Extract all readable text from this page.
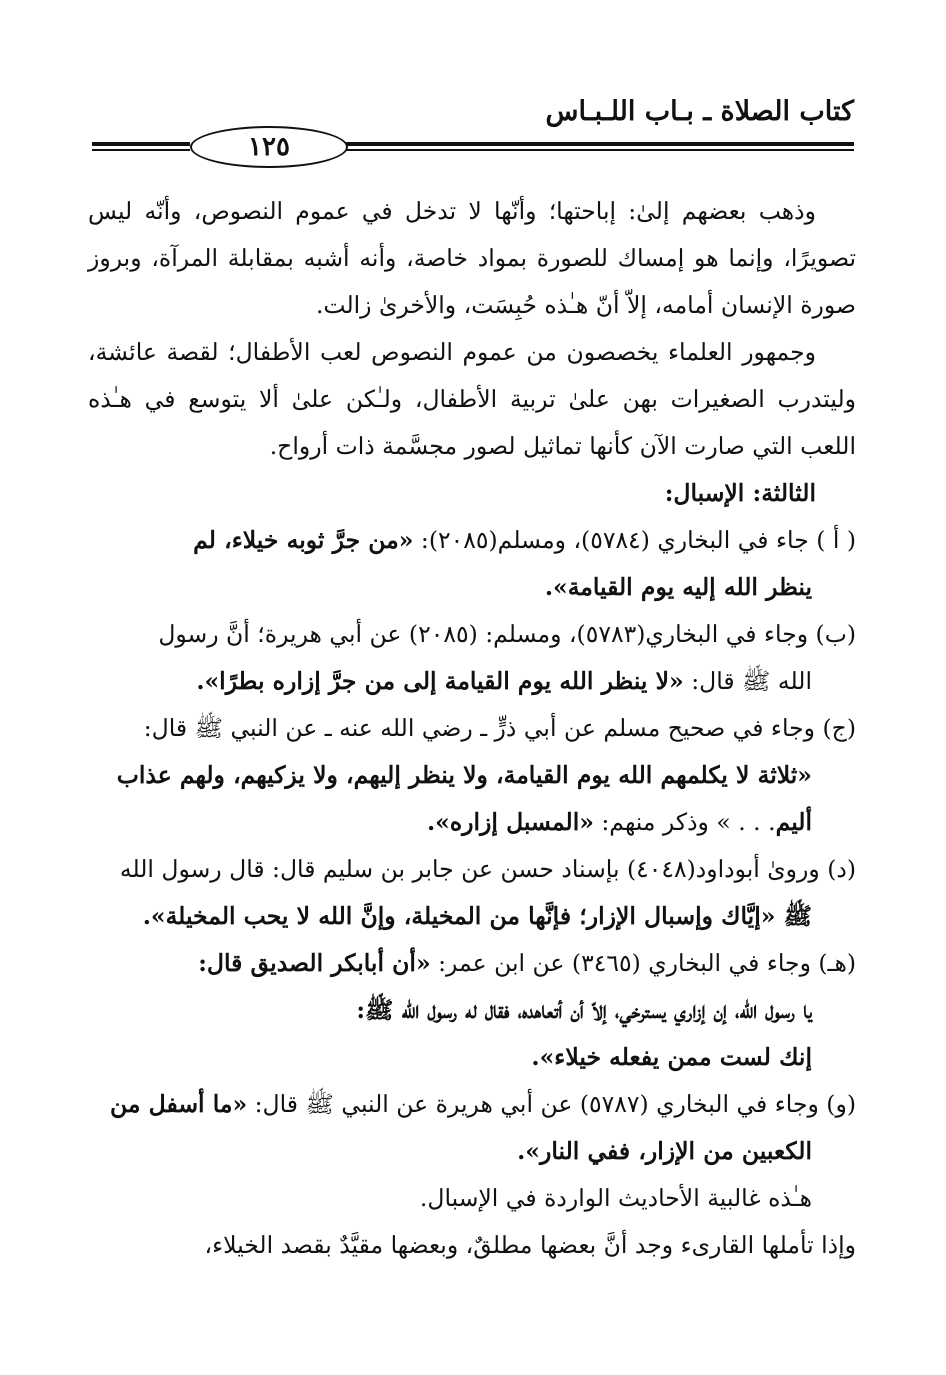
كتاب الصلاة ـ بـاب اللـبـاس
١٢٥

وذهب بعضهم إلىٰ: إباحتها؛ وأنّها لا تدخل في عموم النصوص، وأنّه ليس تصويرًا، وإنما هو إمساك للصورة بمواد خاصة، وأنه أشبه بمقابلة المرآة، وبروز صورة الإنسان أمامه، إلاّ أنّ هـٰذه حُبِسَت، والأخرىٰ زالت.

وجمهور العلماء يخصصون من عموم النصوص لعب الأطفال؛ لقصة عائشة، وليتدرب الصغيرات بهن علىٰ تربية الأطفال، ولـٰكن علىٰ ألا يتوسع في هـٰذه اللعب التي صارت الآن كأنها تماثيل لصور مجسَّمة ذات أرواح.

الثالثة: الإسبال:

( أ ) جاء في البخاري (٥٧٨٤)، ومسلم(٢٠٨٥): «من جرَّ ثوبه خيلاء، لم

ينظر الله إليه يوم القيامة».

(ب) وجاء في البخاري(٥٧٨٣)، ومسلم: (٢٠٨٥) عن أبي هريرة؛ أنَّ رسول

الله ﷺ قال: «لا ينظر الله يوم القيامة إلى من جرَّ إزاره بطرًا».

(ج) وجاء في صحيح مسلم عن أبي ذرٍّ ـ رضي الله عنه ـ عن النبي ﷺ قال:

«ثلاثة لا يكلمهم الله يوم القيامة، ولا ينظر إليهم، ولا يزكيهم، ولهم عذاب

أليم. . . » وذكر منهم: «المسبل إزاره».

(د) ورویٰ أبوداود(٤٠٤٨) بإسناد حسن عن جابر بن سليم قال: قال رسول الله

ﷺ «إيَّاك وإسبال الإزار؛ فإنَّها من المخيلة، وإنَّ الله لا يحب المخيلة».

(هـ) وجاء في البخاري (٣٤٦٥) عن ابن عمر: «أن أبابكر الصديق قال:

يا رسول الله، إن إزاري يسترخي، إلاّ أن أتعاهده، فقال له رسول الله ﷺ:

إنك لست ممن يفعله خيلاء».

(و) وجاء في البخاري (٥٧٨٧) عن أبي هريرة عن النبي ﷺ قال: «ما أسفل من

الكعبين من الإزار، ففي النار».

هـٰذه غالبية الأحاديث الواردة في الإسبال.

وإذا تأملها القارىء وجد أنَّ بعضها مطلقٌ، وبعضها مقيَّدٌ بقصد الخيلاء،
